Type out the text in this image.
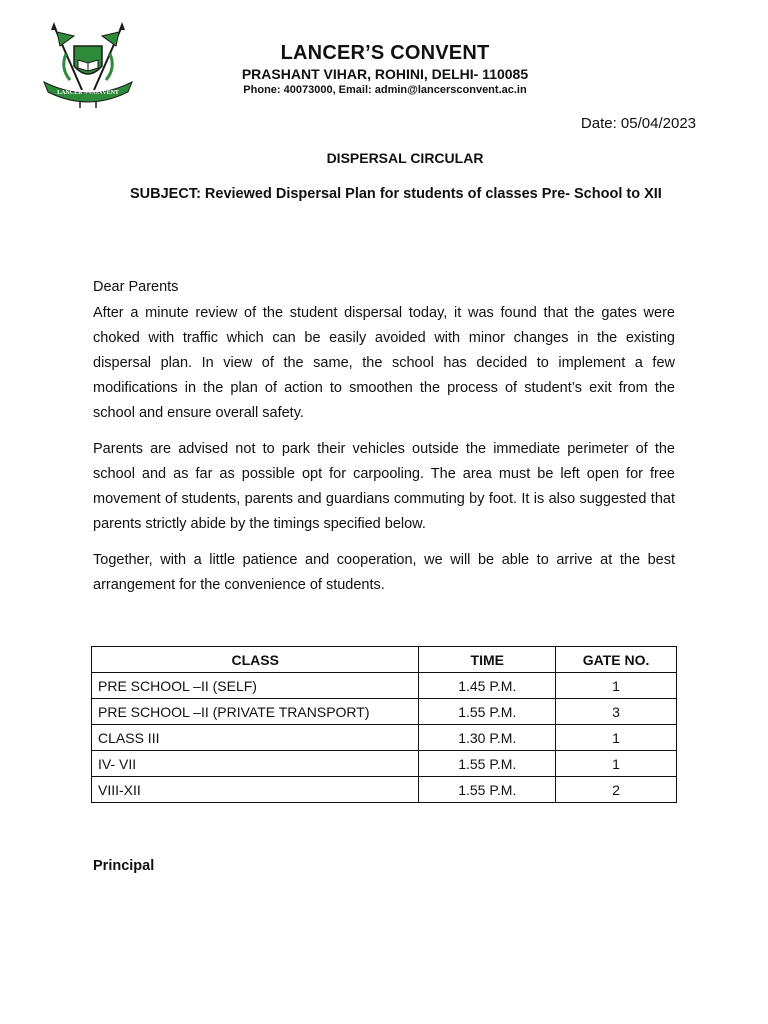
LANCER'S CONVENT
LANCER’S CONVENT
PRASHANT VIHAR, ROHINI, DELHI- 110085
Phone: 40073000, Email: admin@lancersconvent.ac.in
Date: 05/04/2023
DISPERSAL CIRCULAR
SUBJECT: Reviewed Dispersal Plan for students of classes Pre- School to XII
Dear Parents

After a minute review of the student dispersal today, it was found that the gates were choked with traffic which can be easily avoided with minor changes in the existing dispersal plan. In view of the same, the school has decided to implement a few modifications in the plan of action to smoothen the process of student’s exit from the school and ensure overall safety.

Parents are advised not to park their vehicles outside the immediate perimeter of the school and as far as possible opt for carpooling. The area must be left open for free movement of students, parents and guardians commuting by foot. It is also suggested that parents strictly abide by the timings specified below.

Together, with a little patience and cooperation, we will be able to arrive at the best arrangement for the convenience of students.

CLASS	TIME	GATE NO.
PRE SCHOOL –II (SELF)	1.45 P.M.	1
PRE SCHOOL –II (PRIVATE TRANSPORT)	1.55 P.M.	3
CLASS III	1.30 P.M.	1
IV- VII	1.55 P.M.	1
VIII-XII	1.55 P.M.	2
Principal
